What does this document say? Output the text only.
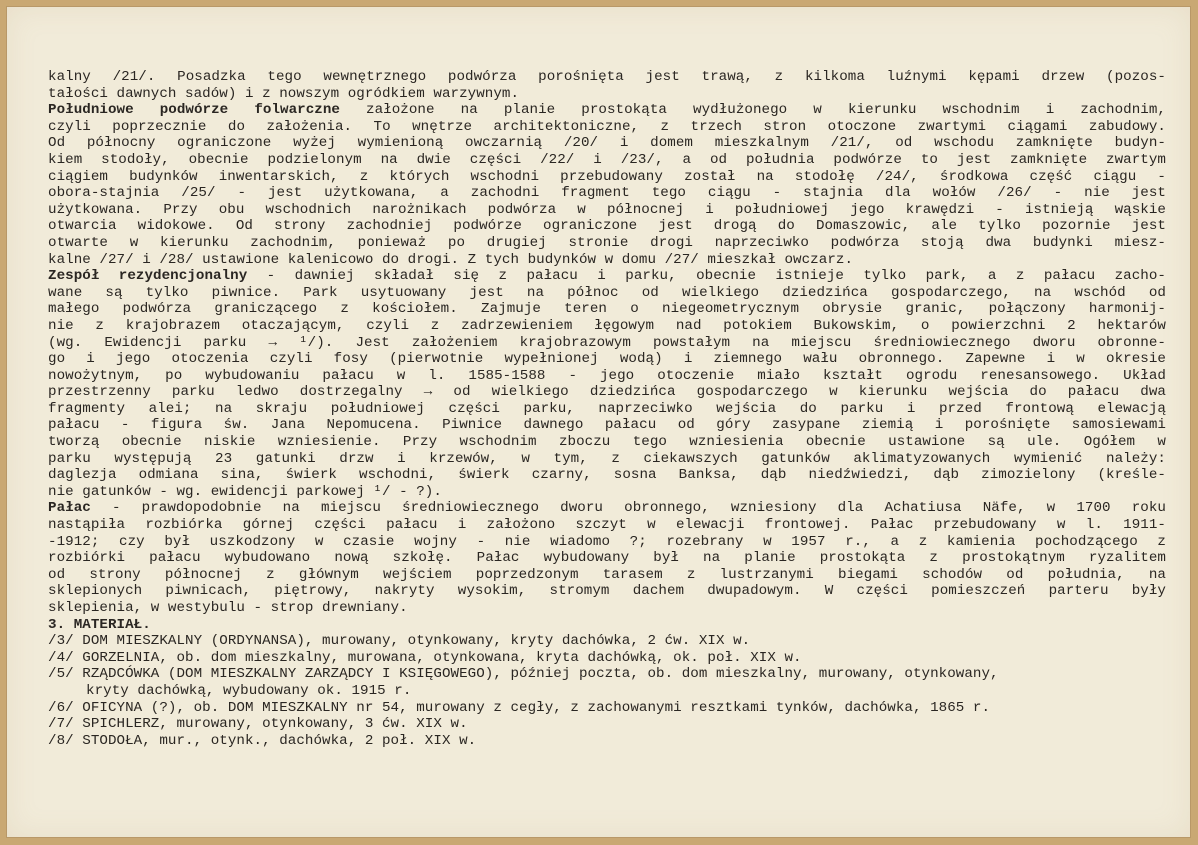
kalny /21/. Posadzka tego wewnętrznego podwórza porośnięta jest trawą, z kilkoma luźnymi kępami drzew (pozos-
tałości dawnych sadów) i z nowszym ogródkiem warzywnym.
Południowe podwórze folwarczne założone na planie prostokąta wydłużonego w kierunku wschodnim i zachodnim,
czyli poprzecznie do założenia. To wnętrze architektoniczne, z trzech stron otoczone zwartymi ciągami zabudowy.
Od północny ograniczone wyżej wymienioną owczarnią /20/ i domem mieszkalnym /21/, od wschodu zamknięte budyn-
kiem stodoły, obecnie podzielonym na dwie części /22/ i /23/, a od południa podwórze to jest zamknięte zwartym
ciągiem budynków inwentarskich, z których wschodni przebudowany został na stodołę /24/, środkowa część ciągu -
obora-stajnia /25/ - jest użytkowana, a zachodni fragment tego ciągu - stajnia dla wołów /26/ - nie jest
użytkowana. Przy obu wschodnich narożnikach podwórza w północnej i południowej jego krawędzi - istnieją wąskie
otwarcia widokowe. Od strony zachodniej podwórze ograniczone jest drogą do Domaszowic, ale tylko pozornie jest
otwarte w kierunku zachodnim, ponieważ po drugiej stronie drogi naprzeciwko podwórza stoją dwa budynki miesz-
kalne /27/ i /28/ ustawione kalenicowo do drogi. Z tych budynków w domu /27/ mieszkał owczarz.
Zespół rezydencjonalny - dawniej składał się z pałacu i parku, obecnie istnieje tylko park, a z pałacu zacho-
wane są tylko piwnice. Park usytuowany jest na północ od wielkiego dziedzińca gospodarczego, na wschód od
małego podwórza graniczącego z kościołem. Zajmuje teren o niegeometrycznym obrysie granic, połączony harmonij-
nie z krajobrazem otaczającym, czyli z zadrzewieniem łęgowym nad potokiem Bukowskim, o powierzchni 2 hektarów
(wg. Ewidencji parku → ¹/). Jest założeniem krajobrazowym powstałym na miejscu średniowiecznego dworu obronne-
go i jego otoczenia czyli fosy (pierwotnie wypełnionej wodą) i ziemnego wału obronnego. Zapewne i w okresie
nowożytnym, po wybudowaniu pałacu w l. 1585-1588 - jego otoczenie miało kształt ogrodu renesansowego. Układ
przestrzenny parku ledwo dostrzegalny → od wielkiego dziedzińca gospodarczego w kierunku wejścia do pałacu dwa
fragmenty alei; na skraju południowej części parku, naprzeciwko wejścia do parku i przed frontową elewacją
pałacu - figura św. Jana Nepomucena. Piwnice dawnego pałacu od góry zasypane ziemią i porośnięte samosiewami
tworzą obecnie niskie wzniesienie. Przy wschodnim zboczu tego wzniesienia obecnie ustawione są ule. Ogółem w
parku występują 23 gatunki drzw i krzewów, w tym, z ciekawszych gatunków aklimatyzowanych wymienić należy:
daglezja odmiana sina, świerk wschodni, świerk czarny, sosna Banksa, dąb niedźwiedzi, dąb zimozielony (kreśle-
nie gatunków - wg. ewidencji parkowej ¹/ - ?).
Pałac - prawdopodobnie na miejscu średniowiecznego dworu obronnego, wzniesiony dla Achatiusa Näfe, w 1700 roku
nastąpiła rozbiórka górnej części pałacu i założono szczyt w elewacji frontowej. Pałac przebudowany w l. 1911-
-1912; czy był uszkodzony w czasie wojny - nie wiadomo ?; rozebrany w 1957 r., a z kamienia pochodzącego z
rozbiórki pałacu wybudowano nową szkołę. Pałac wybudowany był na planie prostokąta z prostokątnym ryzalitem
od strony północnej z głównym wejściem poprzedzonym tarasem z lustrzanymi biegami schodów od południa, na
sklepionych piwnicach, piętrowy, nakryty wysokim, stromym dachem dwupadowym. W części pomieszczeń parteru były
sklepienia, w westybulu - strop drewniany.
3. MATERIAŁ.
/3/ DOM MIESZKALNY (ORDYNANSA), murowany, otynkowany, kryty dachówka, 2 ćw. XIX w.
/4/ GORZELNIA, ob. dom mieszkalny, murowana, otynkowana, kryta dachówką, ok. poł. XIX w.
/5/ RZĄDCÓWKA (DOM MIESZKALNY ZARZĄDCY I KSIĘGOWEGO), później poczta, ob. dom mieszkalny, murowany, otynkowany,
kryty dachówką, wybudowany ok. 1915 r.
/6/ OFICYNA (?), ob. DOM MIESZKALNY nr 54, murowany z cegły, z zachowanymi resztkami tynków, dachówka, 1865 r.
/7/ SPICHLERZ, murowany, otynkowany, 3 ćw. XIX w.
/8/ STODOŁA, mur., otynk., dachówka, 2 poł. XIX w.
